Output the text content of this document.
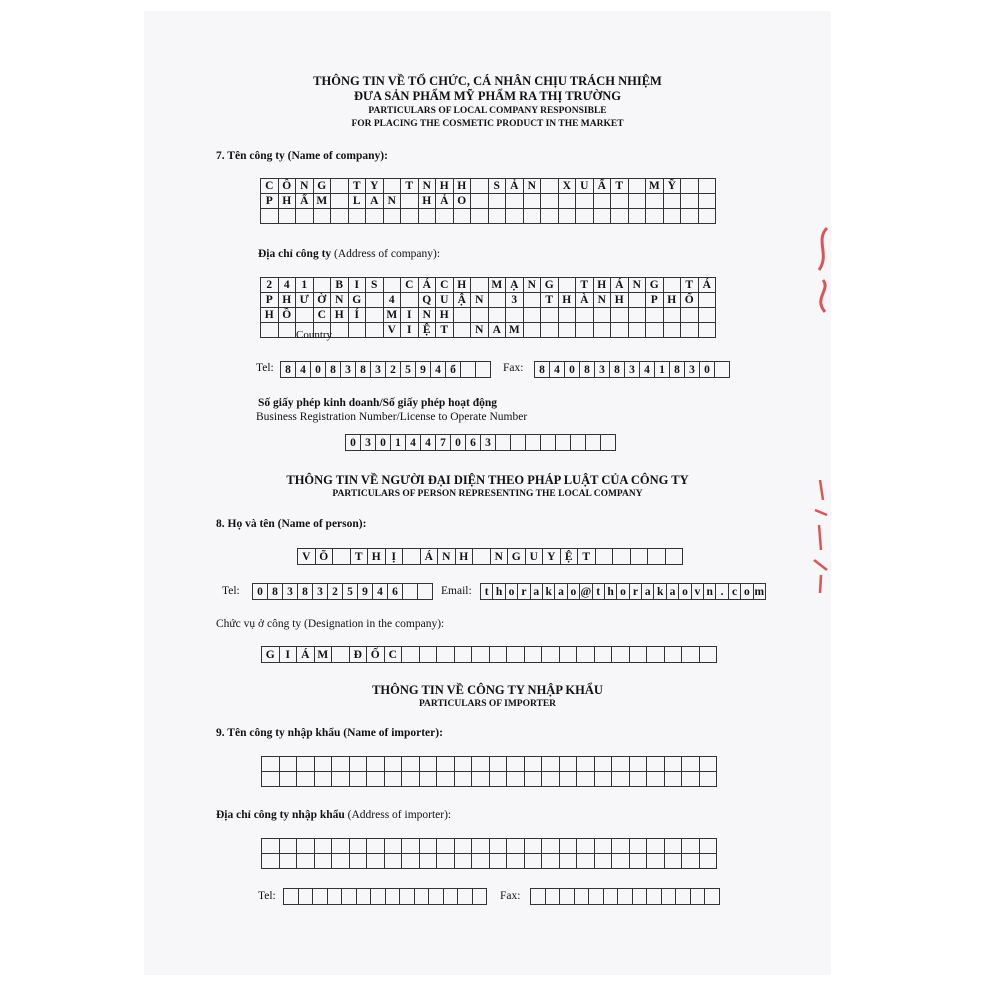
THÔNG TIN VỀ TỔ CHỨC, CÁ NHÂN CHỊU TRÁCH NHIỆM
ĐƯA SẢN PHẨM MỸ PHẨM RA THỊ TRƯỜNG
PARTICULARS OF LOCAL COMPANY RESPONSIBLE
FOR PLACING THE COSMETIC PRODUCT IN THE MARKET
7. Tên công ty (Name of company):
C Ô N G	T Y	T N H H	S Ả N	X U Ấ T	M Ỹ
P H Ẩ M	L A N	H Ả O
Địa chỉ công ty (Address of company):
2	4	1	B I	S	C Á C H	M Ạ N G	T H Á N G	T Á
P H Ư Ờ N G	4	Q U Ậ N	3	T H À N H	P H Ố
H Ồ	C H Í	M I N H
V I Ệ T	N A M
Tel: 8 4 0 8 3 8 3 2 5 9 4 б	Fax:	8 4 0 8 3 8 3 4 1 8 3 0
Số giấy phép kinh doanh/Số giấy phép hoạt động
Business Registration Number/License to Operate Number
0 3 0 1 4 4 7 0 6 3
THÔNG TIN VỀ NGƯỜI ĐẠI DIỆN THEO PHÁP LUẬT CỦA CÔNG TY
PARTICULARS OF PERSON REPRESENTING THE LOCAL COMPANY
8. Họ và tên (Name of person):
V Õ	T H Ị	Á N H	N G U Y Ệ T
Tel:	0 8 3 8 3 2 5 9 4 6	Email:	t h o r a k a o @ t h o r a k a o v n . c o m
Chức vụ ở công ty (Designation in the company):
G I Á M	Đ Ố C
THÔNG TIN VỀ CÔNG TY NHẬP KHẨU
PARTICULARS OF IMPORTER
9. Tên công ty nhập khẩu (Name of importer):
Địa chỉ công ty nhập khẩu (Address of importer):
Tel:	Fax:
Country
